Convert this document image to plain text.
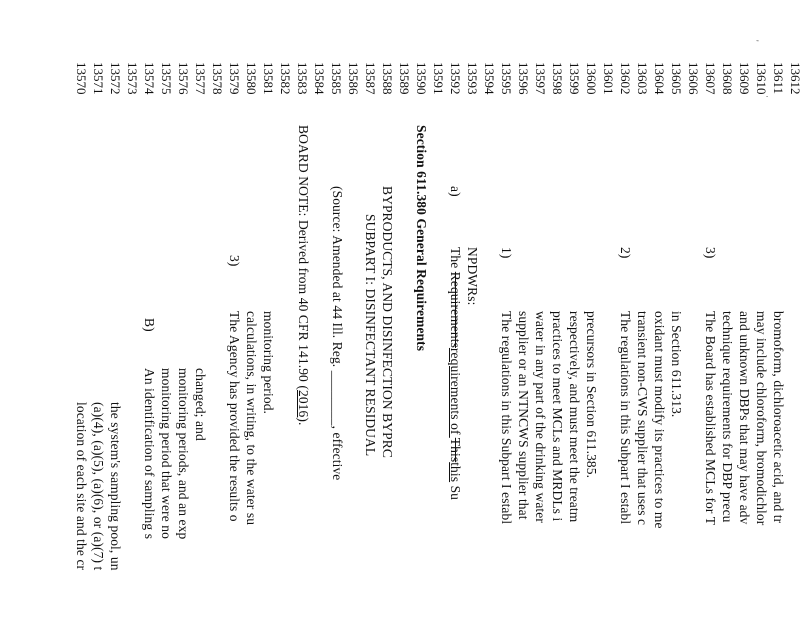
13570 13571 13572 13573 13574 13575 13576 13577 13578 13579 13580 13581 13582 13583 13584 13585 13586 13587 13588 13589 13590 13591 13592 13593 13594 13595 13596 13597 13598 13599 13600 13601 13602 13603 13604 13605 13606 13607 13608 13609 13610 13611 13612
location of each site and the cr (a)(4), (a)(5), (a)(6), or (a)(7) t the system's sampling pool, un
B)
An identification of sampling s monitoring period that were no monitoring periods, and an exp changed; and
3)
The Agency has provided the results o calculations, in writing, to the water su monitoring period. BOARD NOTE: Derived from 40 CFR 141.90 (2016).
(Source: Amended at 44 Ill. Reg. ________, effective SUBPART I: DISINFECTANT RESIDUAL BYPRODUCTS, AND DISINFECTION BYPRC
Section 611.380 General Requirements
a)
The Requirementsrequirements of Thisthis Su
NPDWRs: 1)
The regulations in this Subpart I establ supplier or an NTNCWS supplier that water in any part of the drinking water practices to meet MCLs and MRDLs i respectively, and must meet the treatm precursors in Section 611.385.
2)
The regulations in this Subpart I establ transient non-CWS supplier that uses c oxidant must modify its practices to me in Section 611.313.
3)
The Board has established MCLs for T technique requirements for DBP precu and unknown DBPs that may have adv may include chloroform, bromodichlor bromoform, dichloroacetic acid, and tr
'
·
